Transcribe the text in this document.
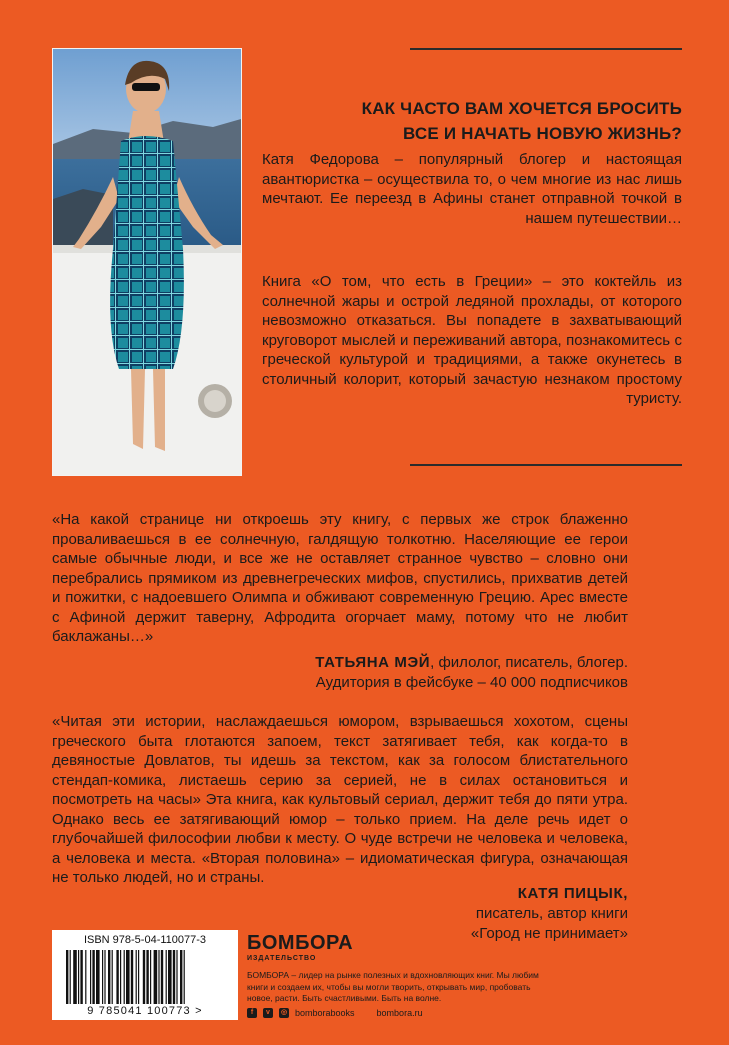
КАК ЧАСТО ВАМ ХОЧЕТСЯ БРОСИТЬ
ВСЕ И НАЧАТЬ НОВУЮ ЖИЗНЬ?
Катя Федорова – популярный блогер и настоящая авантюристка – осуществила то, о чем многие из нас лишь мечтают. Ее переезд в Афины станет отправной точкой в нашем путешествии…
Книга «О том, что есть в Греции» – это коктейль из солнечной жары и острой ледяной прохлады, от которого невозможно отказаться. Вы попадете в захватывающий круговорот мыслей и переживаний автора, познакомитесь с греческой культурой и традициями, а также окунетесь в столичный колорит, который зачастую незнаком простому туристу.
«На какой странице ни откроешь эту книгу, с первых же строк блаженно проваливаешься в ее солнечную, галдящую толкотню. Населяющие ее герои самые обычные люди, и все же не оставляет странное чувство – словно они перебрались прямиком из древнегреческих мифов, спустились, прихватив детей и пожитки, с надоевшего Олимпа и обживают современную Грецию. Арес вместе с Афиной держит таверну, Афродита огорчает маму, потому что не любит баклажаны…»
ТАТЬЯНА МЭЙ, филолог, писатель, блогер.
Аудитория в фейсбуке – 40 000 подписчиков
«Читая эти истории, наслаждаешься юмором, взрываешься хохотом, сцены греческого быта глотаются запоем, текст затягивает тебя, как когда-то в девяностые Довлатов, ты идешь за текстом, как за голосом блистательного стендап-комика, листаешь серию за серией, не в силах остановиться и посмотреть на часы» Эта книга, как культовый сериал, держит тебя до пяти утра. Однако весь ее затягивающий юмор – только прием. На деле речь идет о глубочайшей философии любви к месту. О чуде встречи не человека и человека, а человека и места. «Вторая половина» – идиоматическая фигура, означающая не только людей, но и страны.
КАТЯ ПИЦЫК,
писатель, автор книги
«Город не принимает»
ISBN 978-5-04-110077-3
9 785041 100773 >
БОМБОРА
ИЗДАТЕЛЬСТВО
БОМБОРА – лидер на рынке полезных и вдохновляющих книг. Мы любим книги и создаем их, чтобы вы могли творить, открывать мир, пробовать новое, расти. Быть счастливыми. Быть на волне.
f	v	◎ bomborabooks bombora.ru
